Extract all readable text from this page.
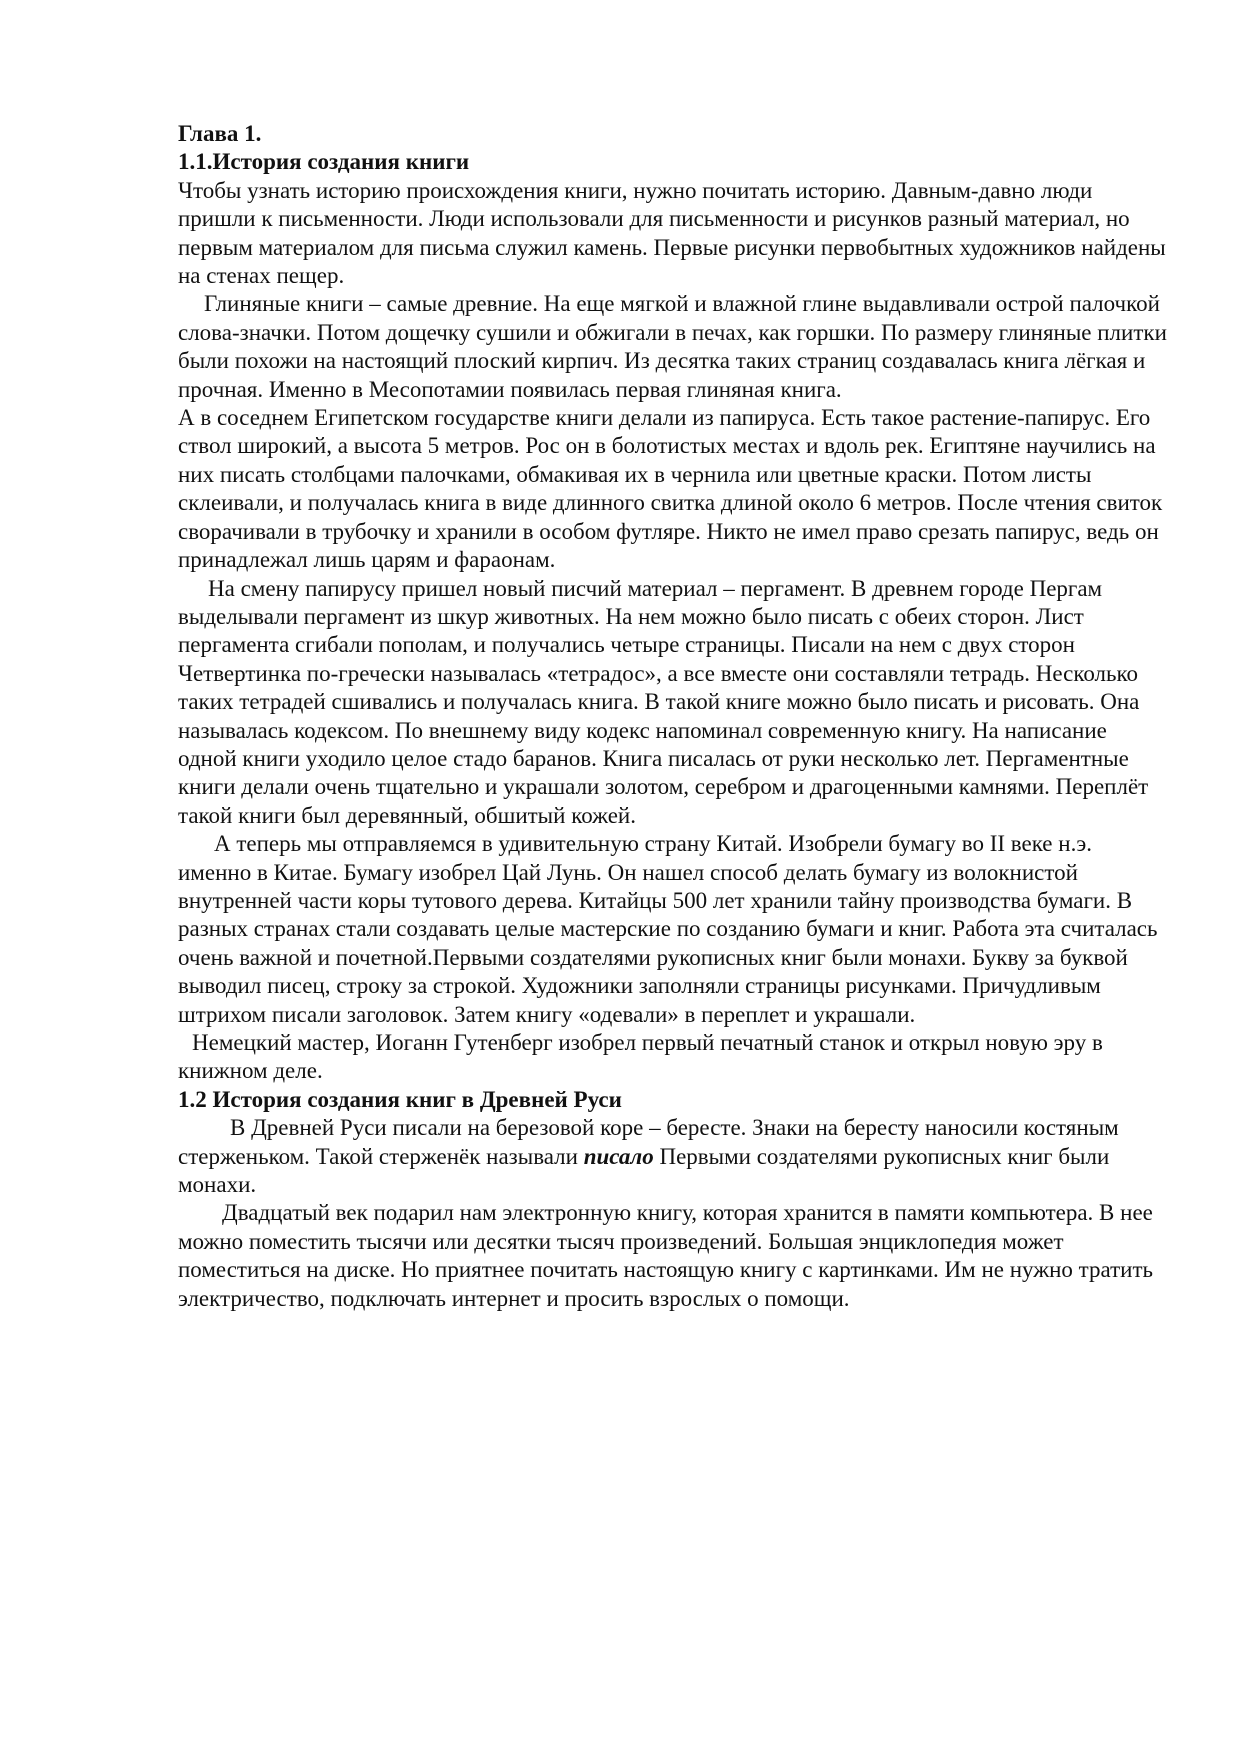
Глава 1.
1.1.История создания книги

Чтобы узнать историю происхождения книги, нужно почитать историю. Давным-давно люди пришли к письменности. Люди использовали для письменности и рисунков разный материал, но первым материалом для письма служил камень. Первые рисунки первобытных художников найдены на стенах пещер.

Глиняные книги – самые древние. На еще мягкой и влажной глине выдавливали острой палочкой слова-значки. Потом дощечку сушили и обжигали в печах, как горшки. По размеру глиняные плитки были похожи на настоящий плоский кирпич. Из десятка таких страниц создавалась книга лёгкая и прочная. Именно в Месопотамии появилась первая глиняная книга.

А в соседнем Египетском государстве книги делали из папируса. Есть такое растение-папирус. Его ствол широкий, а высота 5 метров. Рос он в болотистых местах и вдоль рек. Египтяне научились на них писать столбцами палочками, обмакивая их в чернила или цветные краски. Потом листы склеивали, и получалась книга в виде длинного свитка длиной около 6 метров. После чтения свиток сворачивали в трубочку и хранили в особом футляре. Никто не имел право срезать папирус, ведь он принадлежал лишь царям и фараонам.

На смену папирусу пришел новый писчий материал – пергамент. В древнем городе Пергам выделывали пергамент из шкур животных. На нем можно было писать с обеих сторон. Лист пергамента сгибали пополам, и получались четыре страницы. Писали на нем с двух сторон Четвертинка по-гречески называлась «тетрадос», а все вместе они составляли тетрадь. Несколько таких тетрадей сшивались и получалась книга. В такой книге можно было писать и рисовать. Она называлась кодексом. По внешнему виду кодекс напоминал современную книгу. На написание одной книги уходило целое стадо баранов. Книга писалась от руки несколько лет. Пергаментные книги делали очень тщательно и украшали золотом, серебром и драгоценными камнями. Переплёт такой книги был деревянный, обшитый кожей.

А теперь мы отправляемся в удивительную страну Китай. Изобрели бумагу во II веке н.э. именно в Китае. Бумагу изобрел Цай Лунь. Он нашел способ делать бумагу из волокнистой внутренней части коры тутового дерева. Китайцы 500 лет хранили тайну производства бумаги. В разных странах стали создавать целые мастерские по созданию бумаги и книг. Работа эта считалась очень важной и почетной.Первыми создателями рукописных книг были монахи. Букву за буквой выводил писец, строку за строкой. Художники заполняли страницы рисунками. Причудливым штрихом писали заголовок. Затем книгу «одевали» в переплет и украшали.

Немецкий мастер, Иоганн Гутенберг изобрел первый печатный станок и открыл новую эру в книжном деле.

1.2 История создания книг в Древней Руси

В Древней Руси писали на березовой коре – бересте. Знаки на бересту наносили костяным стерженьком. Такой стерженёк называли писало Первыми создателями рукописных книг были монахи.

Двадцатый век подарил нам электронную книгу, которая хранится в памяти компьютера. В нее можно поместить тысячи или десятки тысяч произведений. Большая энциклопедия может поместиться на диске. Но приятнее почитать настоящую книгу с картинками. Им не нужно тратить электричество, подключать интернет и просить взрослых о помощи.
